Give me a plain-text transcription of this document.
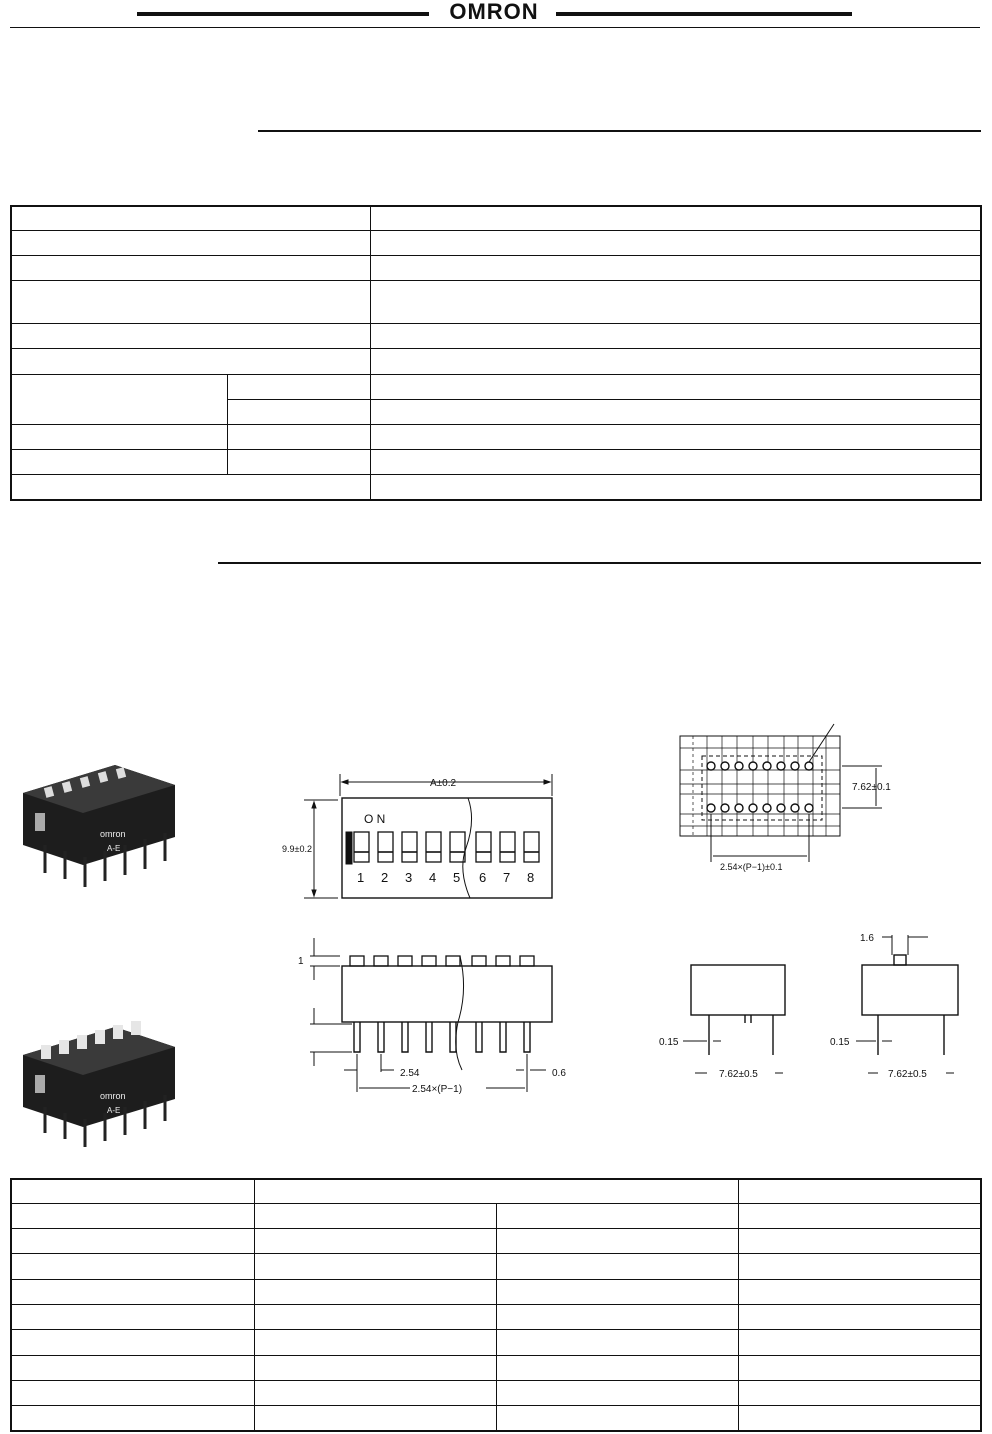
OMRON

omron
A-E
omron
A-E
A±0.2
9.9±0.2
O N
1 2 3 4 5 6 7 8
1
2.54
2.54×(P−1)
0.6
7.62±0.1
2.54×(P−1)±0.1
0.15
7.62±0.5
1.6
0.15
7.62±0.5
